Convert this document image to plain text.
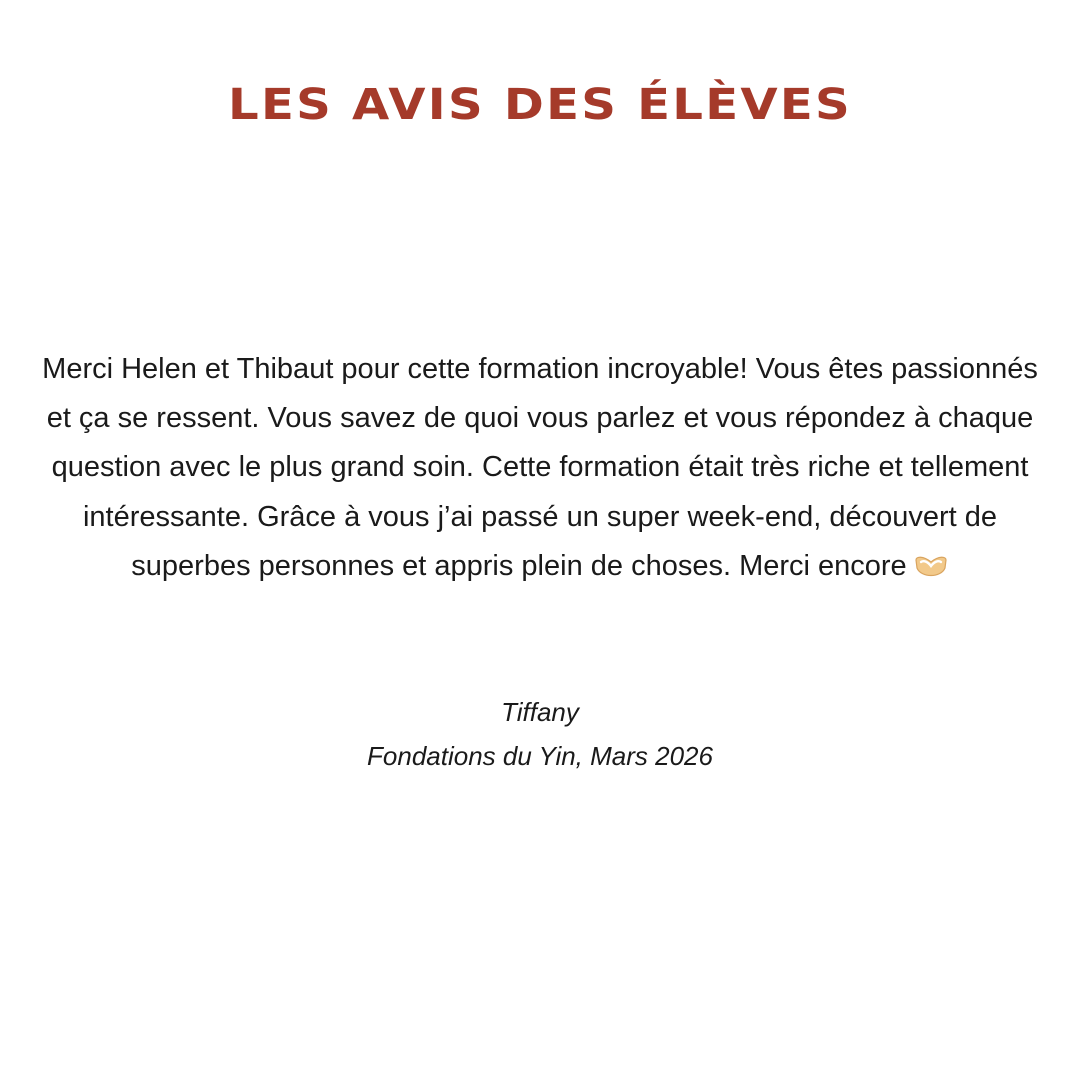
LES AVIS DES ÉLÈVES

Merci Helen et Thibaut pour cette formation incroyable! Vous êtes passionnés et ça se ressent. Vous savez de quoi vous parlez et vous répondez à chaque question avec le plus grand soin. Cette formation était très riche et tellement intéressante. Grâce à vous j’ai passé un super week-end, découvert de superbes personnes et appris plein de choses. Merci encore

Tiffany

Fondations du Yin, Mars 2026
